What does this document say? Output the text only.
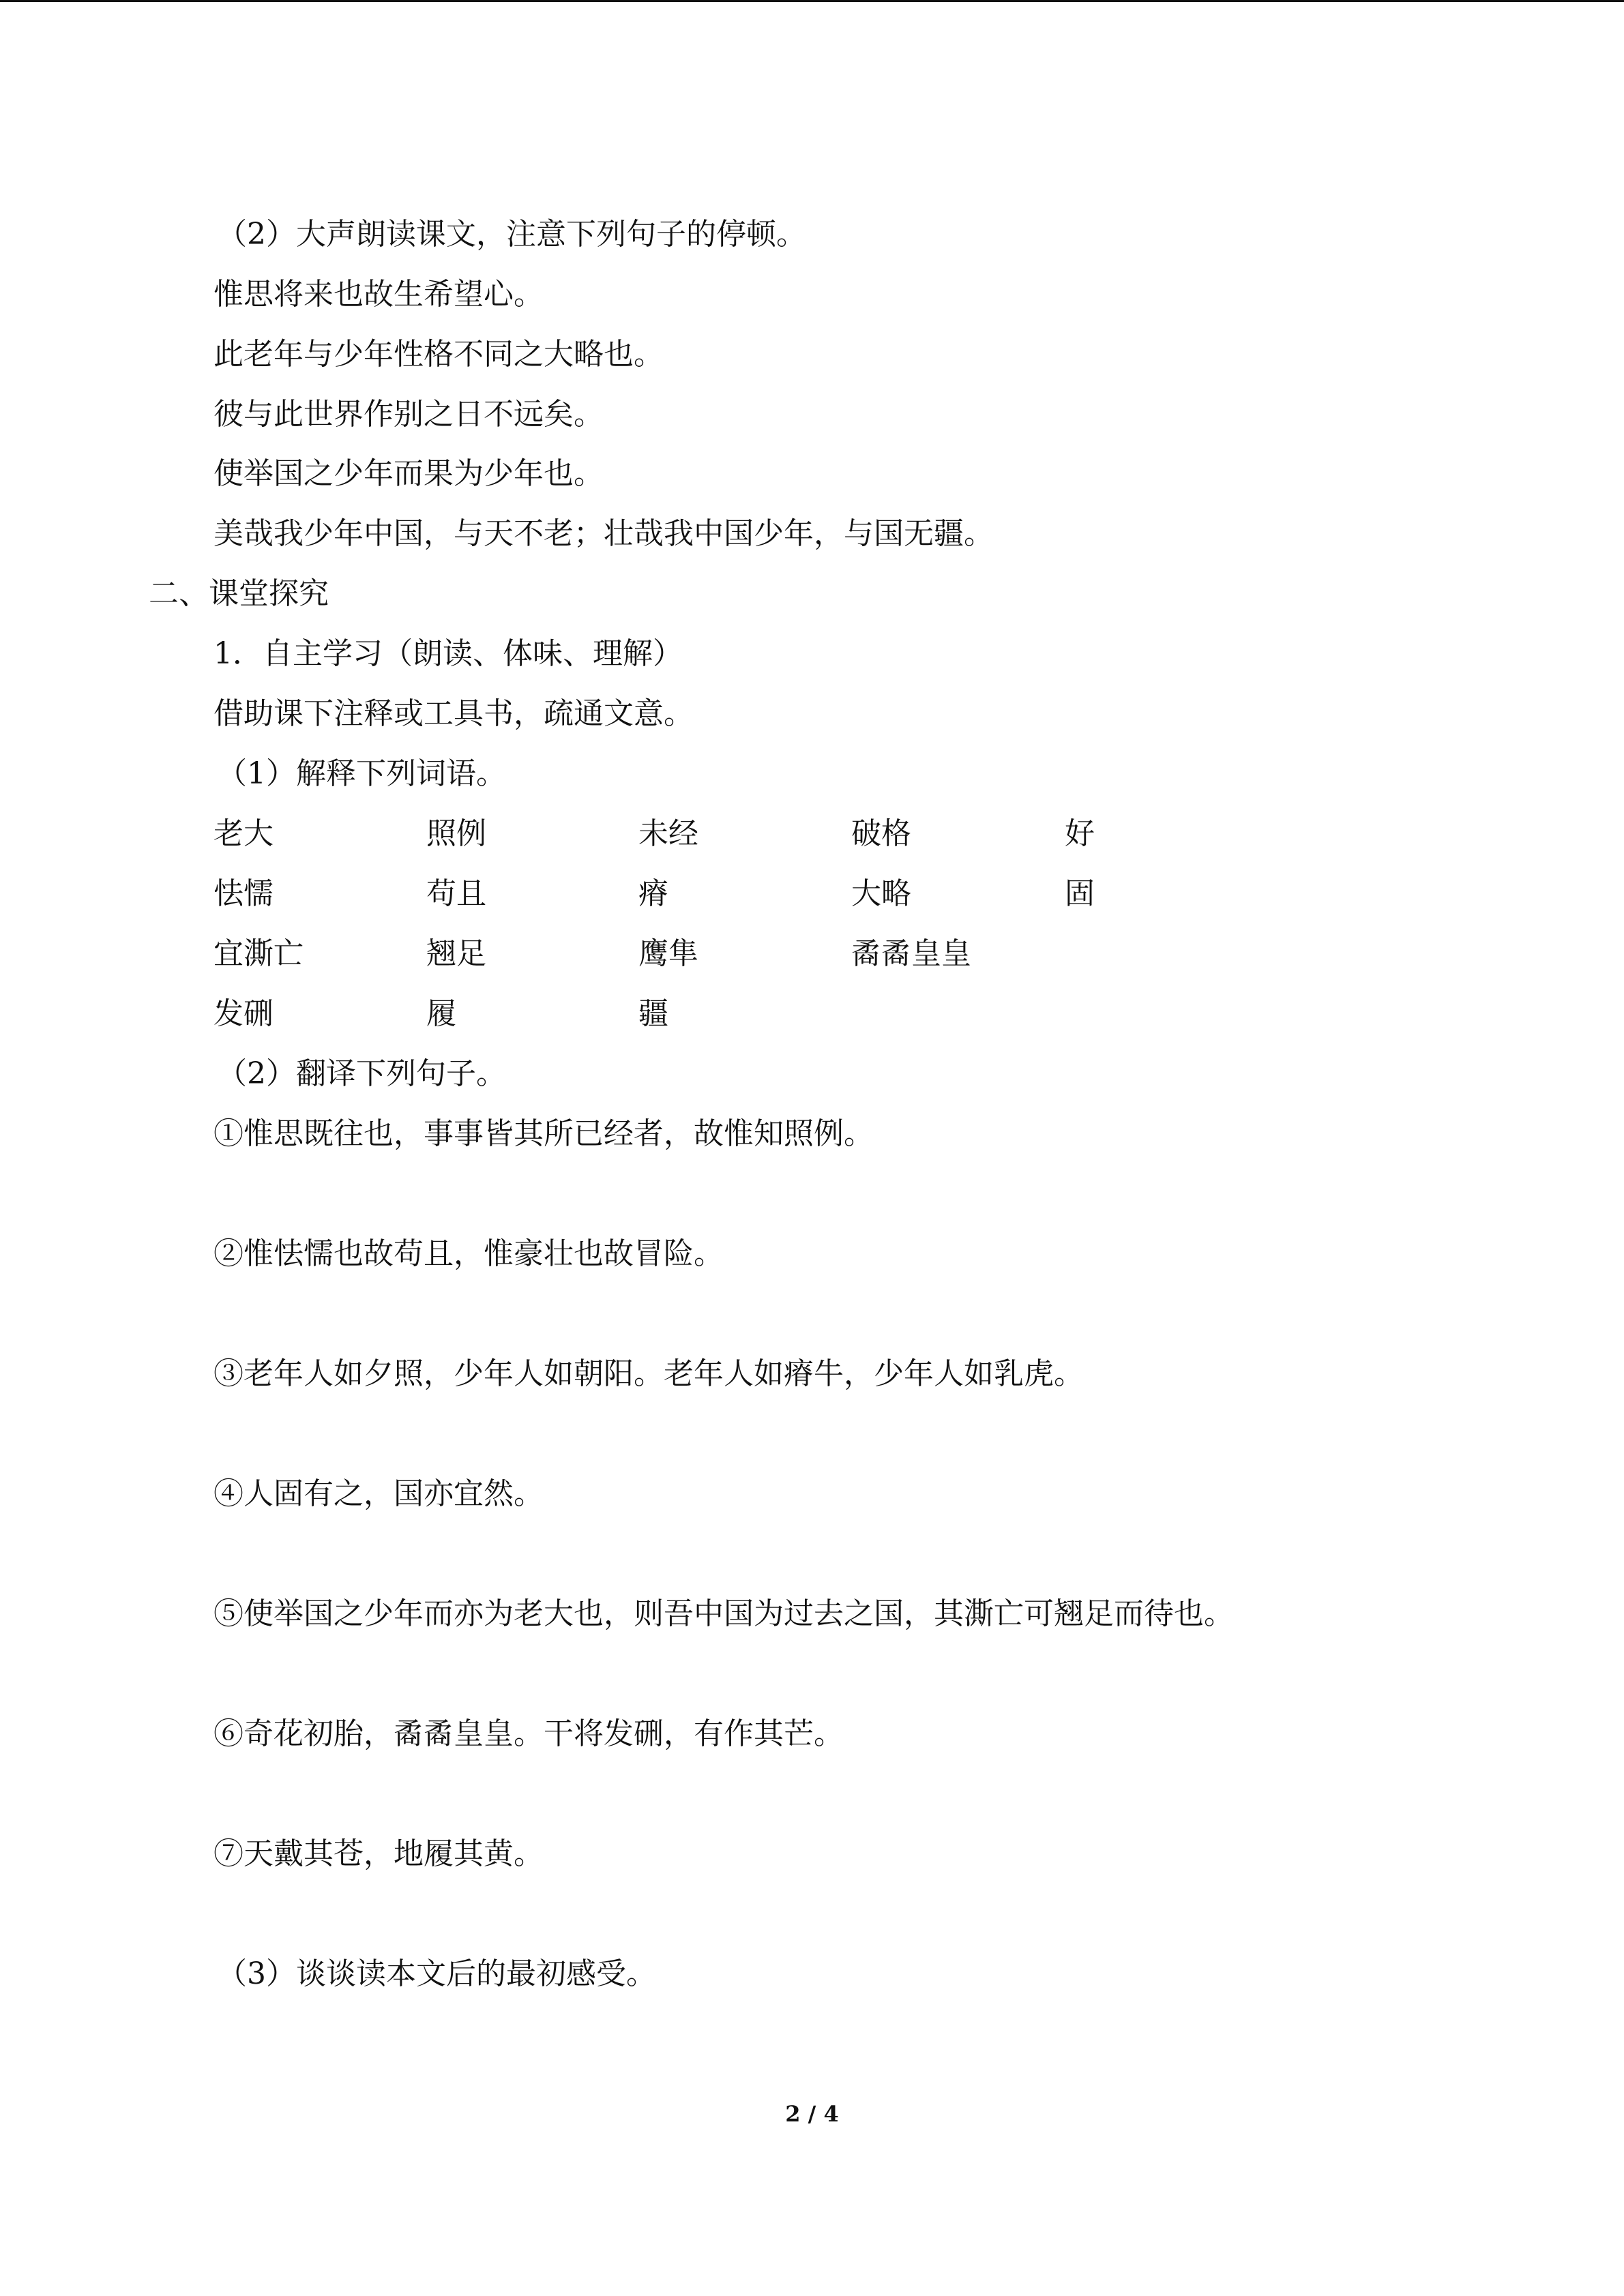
（2）大声朗读课文，注意下列句子的停顿。
惟思将来也故生希望心。
此老年与少年性格不同之大略也。
彼与此世界作别之日不远矣。
使举国之少年而果为少年也。
美哉我少年中国，与天不老；壮哉我中国少年，与国无疆。
二、课堂探究
1．自主学习（朗读、体味、理解）
借助课下注释或工具书，疏通文意。
（1）解释下列词语。
老大	照例	未经	破格	好
怯懦	苟且	瘠	大略	固
宜澌亡	翘足	鹰隼	矞矞皇皇
发硎	履	疆
（2）翻译下列句子。
①惟思既往也，事事皆其所已经者，故惟知照例。
②惟怯懦也故苟且，惟豪壮也故冒险。
③老年人如夕照，少年人如朝阳。老年人如瘠牛，少年人如乳虎。
④人固有之，国亦宜然。
⑤使举国之少年而亦为老大也，则吾中国为过去之国，其澌亡可翘足而待也。
⑥奇花初胎，矞矞皇皇。干将发硎，有作其芒。
⑦天戴其苍，地履其黄。
（3）谈谈读本文后的最初感受。
2 / 4
